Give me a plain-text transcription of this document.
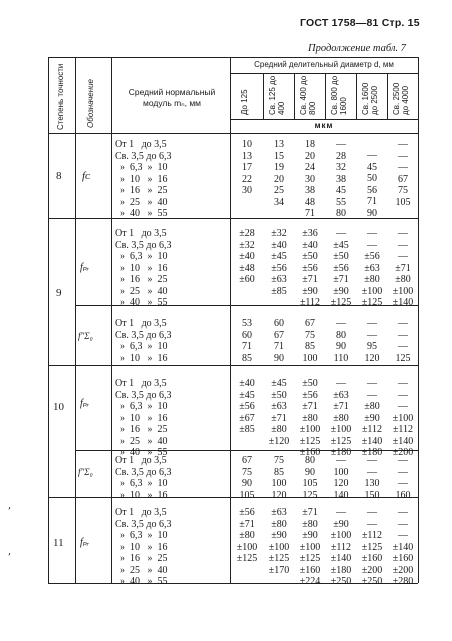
ГОСТ 1758—81 Стр. 15
Продолжение табл. 7
Степень точности	Обозначение	Средний нормальный модуль mₙ, мм
Средний делительный диаметр d, мм
мкм
До 125 Св. 125 до 400 Св. 400 до 800 Св. 800 до 1600 Св. 1600 до 2500 Св. 2500 до 4000
8 fᴄ
От 1   до 3,5
Св. 3,5 до 6,3
»  6,3  »  10
»  10   »  16
»  16   »  25
»  25   »  40
»  40   »  55
10
13
17
22
30
13
15
19
20
25
34
18
20
24
30
38
48
71
—
28
32
38
45
55
80
—
45
50
56
71
90
—
—
—
67
75
105
9
fₚᵣ
От 1   до 3,5
Св. 3,5 до 6,3
»  6,3  »  10
»  10   »  16
»  16   »  25
»  25   »  40
»  40   »  55
±28
±32
±40
±48
±60
±32
±40
±45
±56
±63
±85
±36
±40
±50
±56
±71
±90
±112
—
±45
±50
±56
±71
±90
±125
—
—
±56
±63
±80
±100
±125
—
—
—
±71
±80
±100
±140
f″Σ₀
От 1   до 3,5
Св. 3,5 до 6,3
»  6,3  »  10
»  10   »  16
53
60
71
85
60
67
71
90
67
75
85
100
—
80
90
110
—
—
95
120
—
—
—
125
10 fₚᵣ
От 1   до 3,5
Св. 3,5 до 6,3
»  6,3  »  10
»  10   »  16
»  16   »  25
»  25   »  40
»  40   »  55
±40
±45
±56
±67
±85
±45
±50
±63
±71
±80
±120
±50
±56
±71
±80
±100
±125
±160
—
±63
±71
±80
±100
±125
±180
—
—
±80
±90
±112
±140
±180
—
—
—
±100
±112
±140
±200
f″Σ₀
От 1   до 3,5
Св. 3,5 до 6,3
»  6,3  »  10
»  10   »  16
67
75
90
105
75
85
100
120
80
90
105
125
—
100
120
140
—
—
130
150
—
—
—
160
11 fₚᵣ
От 1   до 3,5
Св. 3,5 до 6,3
»  6,3  »  10
»  10   »  16
»  16   »  25
»  25   »  40
»  40   »  55
±56
±71
±80
±100
±125
±63
±80
±90
±100
±125
±170
±71
±80
±90
±100
±125
±160
±224
—
±90
±100
±112
±140
±180
±250
—
—
±112
±125
±160
±200
±250
—
—
—
±140
±160
±200
±280
,
,
